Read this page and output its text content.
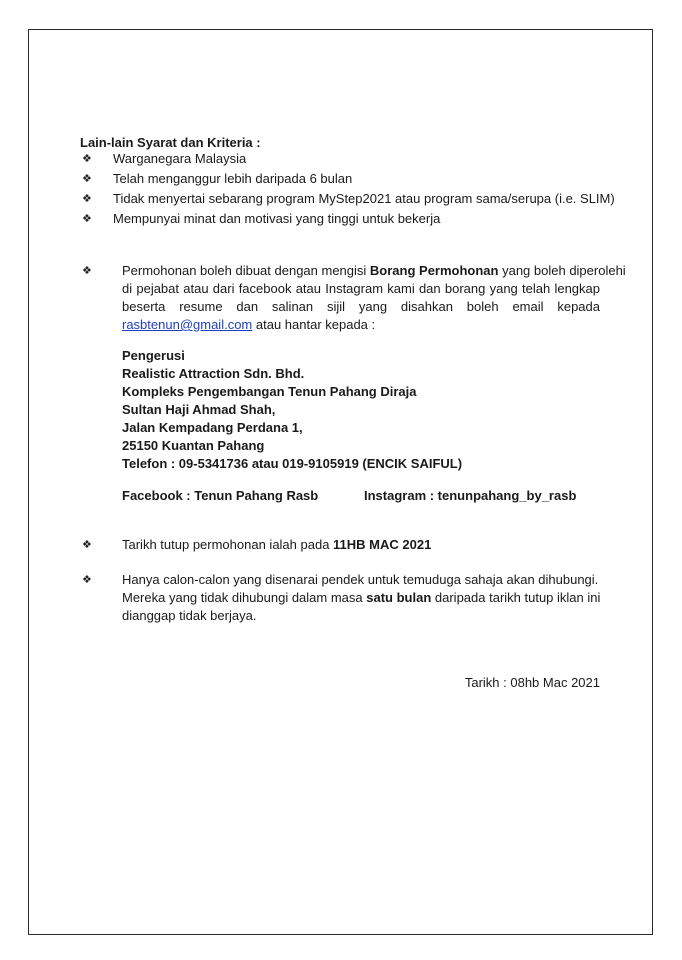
Lain-lain Syarat dan Kriteria :
❖ Warganegara Malaysia
❖ Telah menganggur lebih daripada 6 bulan
❖ Tidak menyertai sebarang program MyStep2021 atau program sama/serupa (i.e. SLIM)
❖ Mempunyai minat dan motivasi yang tinggi untuk bekerja
❖ Permohonan boleh dibuat dengan mengisi Borang Permohonan yang boleh diperolehi
di pejabat atau dari facebook atau Instagram kami dan borang yang telah lengkap
beserta resume dan salinan sijil yang disahkan boleh email kepada
rasbtenun@gmail.com atau hantar kepada :
Pengerusi
Realistic Attraction Sdn. Bhd.
Kompleks Pengembangan Tenun Pahang Diraja
Sultan Haji Ahmad Shah,
Jalan Kempadang Perdana 1,
25150 Kuantan Pahang
Telefon : 09-5341736 atau 019-9105919 (ENCIK SAIFUL)
Facebook : Tenun Pahang Rasb	Instagram : tenunpahang_by_rasb
❖ Tarikh tutup permohonan ialah pada 11HB MAC 2021
❖ Hanya calon-calon yang disenarai pendek untuk temuduga sahaja akan dihubungi.
Mereka yang tidak dihubungi dalam masa satu bulan daripada tarikh tutup iklan ini
dianggap tidak berjaya.
Tarikh : 08hb Mac 2021
